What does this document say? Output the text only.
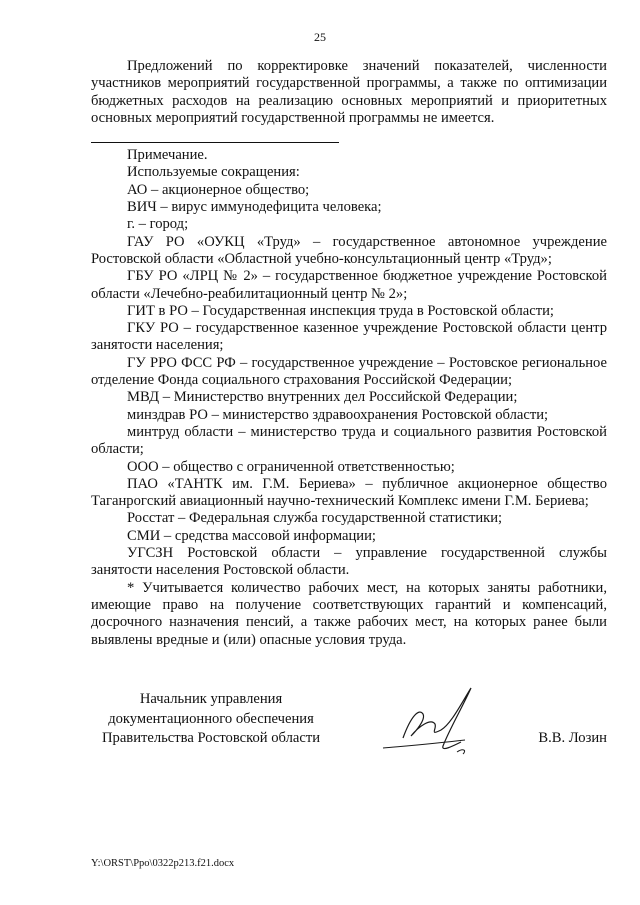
25

Предложений по корректировке значений показателей, численности участников мероприятий государственной программы, а также по оптимизации бюджетных расходов на реализацию основных мероприятий и приоритетных основных мероприятий государственной программы не имеется.

Примечание.

Используемые сокращения:

АО – акционерное общество;
ВИЧ – вирус иммунодефицита человека;
г. – город;
ГАУ РО «ОУКЦ «Труд» – государственное автономное учреждение Ростовской области «Областной учебно-консультационный центр «Труд»;
ГБУ РО «ЛРЦ № 2» – государственное бюджетное учреждение Ростовской области «Лечебно-реабилитационный центр № 2»;
ГИТ в РО – Государственная инспекция труда в Ростовской области;
ГКУ РО – государственное казенное учреждение Ростовской области центр занятости населения;
ГУ РРО ФСС РФ – государственное учреждение – Ростовское региональное отделение Фонда социального страхования Российской Федерации;
МВД – Министерство внутренних дел Российской Федерации;
минздрав РО – министерство здравоохранения Ростовской области;
минтруд области – министерство труда и социального развития Ростовской области;
ООО – общество с ограниченной ответственностью;
ПАО «ТАНТК им. Г.М. Бериева» – публичное акционерное общество Таганрогский авиационный научно-технический Комплекс имени Г.М. Бериева;
Росстат – Федеральная служба государственной статистики;
СМИ – средства массовой информации;
УГСЗН Ростовской области – управление государственной службы занятости населения Ростовской области.

* Учитывается количество рабочих мест, на которых заняты работники, имеющие право на получение соответствующих гарантий и компенсаций, досрочного назначения пенсий, а также рабочих мест, на которых ранее были выявлены вредные и (или) опасные условия труда.

Начальник управления
документационного обеспечения
Правительства Ростовской области	В.В. Лозин
Y:\ORST\Ppo\0322p213.f21.docx
